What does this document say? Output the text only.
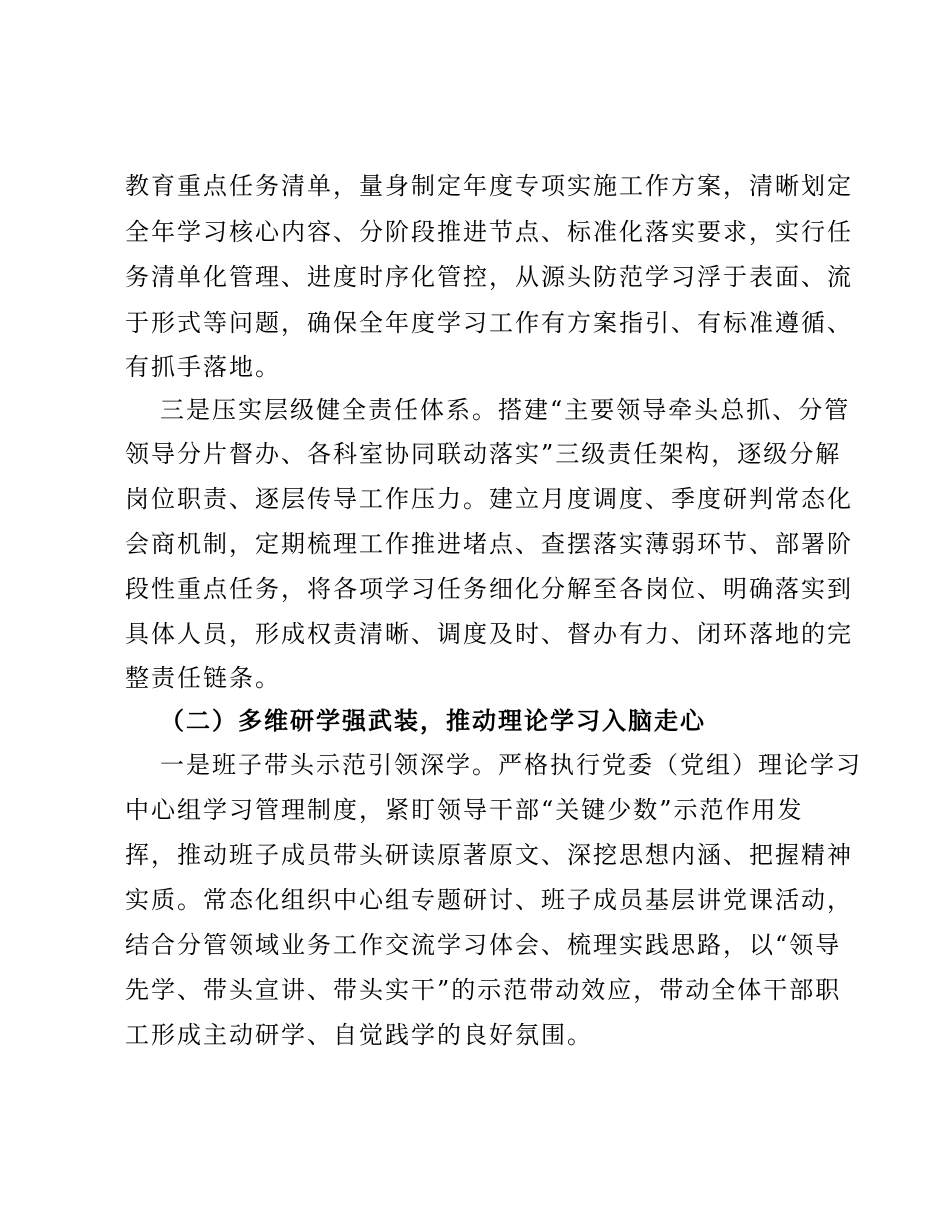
教育重点任务清单，量身制定年度专项实施工作方案，清晰划定
全年学习核心内容、分阶段推进节点、标准化落实要求，实行任
务清单化管理、进度时序化管控，从源头防范学习浮于表面、流
于形式等问题，确保全年度学习工作有方案指引、有标准遵循、
有抓手落地。
三是压实层级健全责任体系。搭建“主要领导牵头总抓、分管
领导分片督办、各科室协同联动落实”三级责任架构，逐级分解
岗位职责、逐层传导工作压力。建立月度调度、季度研判常态化
会商机制，定期梳理工作推进堵点、查摆落实薄弱环节、部署阶
段性重点任务，将各项学习任务细化分解至各岗位、明确落实到
具体人员，形成权责清晰、调度及时、督办有力、闭环落地的完
整责任链条。
（二）多维研学强武装，推动理论学习入脑走心
一是班子带头示范引领深学。严格执行党委（党组）理论学习
中心组学习管理制度，紧盯领导干部“关键少数”示范作用发
挥，推动班子成员带头研读原著原文、深挖思想内涵、把握精神
实质。常态化组织中心组专题研讨、班子成员基层讲党课活动，
结合分管领域业务工作交流学习体会、梳理实践思路，以“领导
先学、带头宣讲、带头实干”的示范带动效应，带动全体干部职
工形成主动研学、自觉践学的良好氛围。
